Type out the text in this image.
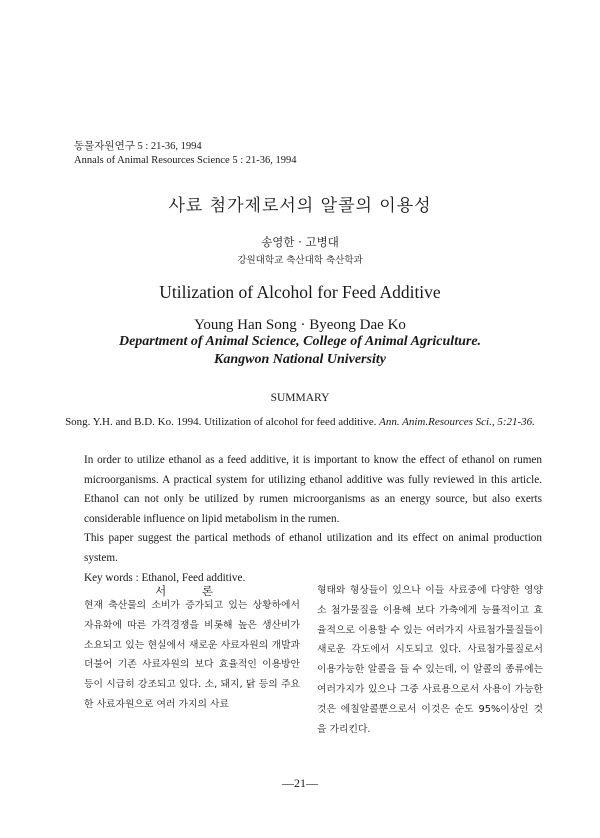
동물자원연구 5 : 21-36, 1994
Annals of Animal Resources Science 5 : 21-36, 1994
사료 첨가제로서의 알콜의 이용성
송영한 · 고병대
강원대학교 축산대학 축산학과
Utilization of Alcohol for Feed Additive
Young Han Song · Byeong Dae Ko
Department of Animal Science, College of Animal Agriculture.
Kangwon National University
SUMMARY
Song. Y.H. and B.D. Ko. 1994. Utilization of alcohol for feed additive. Ann. Anim.Resources Sci., 5:21-36.

In order to utilize ethanol as a feed additive, it is important to know the effect of ethanol on rumen microorganisms. A practical system for utilizing ethanol additive was fully reviewed in this article. Ethanol can not only be utilized by rumen microorganisms as an energy source, but also exerts considerable influence on lipid metabolism in the rumen.

This paper suggest the partical methods of ethanol utilization and its effect on animal production system.

Key words : Ethanol, Feed additive.

서 론
현재 축산물의 소비가 증가되고 있는 상황하에서 자유화에 따른 가격경쟁을 비롯해 높은 생산비가 소요되고 있는 현실에서 새로운 사료자원의 개발과 더불어 기존 사료자원의 보다 효율적인 이용방안 등이 시급히 강조되고 있다. 소, 돼지, 닭 등의 주요한 사료자원으로 여러 가지의 사료
형태와 형상들이 있으나 이들 사료중에 다양한 영양소 첨가물질을 이용해 보다 가축에게 능률적이고 효율적으로 이용할 수 있는 여러가지 사료첨가물질들이 새로운 각도에서 시도되고 있다. 사료첨가물질로서 이용가능한 알콜을 들 수 있는데, 이 알콜의 종류에는 여러가지가 있으나 그중 사료용으로서 사용이 가능한 것은 에칠알콜뿐으로서 이것은 순도 95%이상인 것을 가리킨다.
—21—
